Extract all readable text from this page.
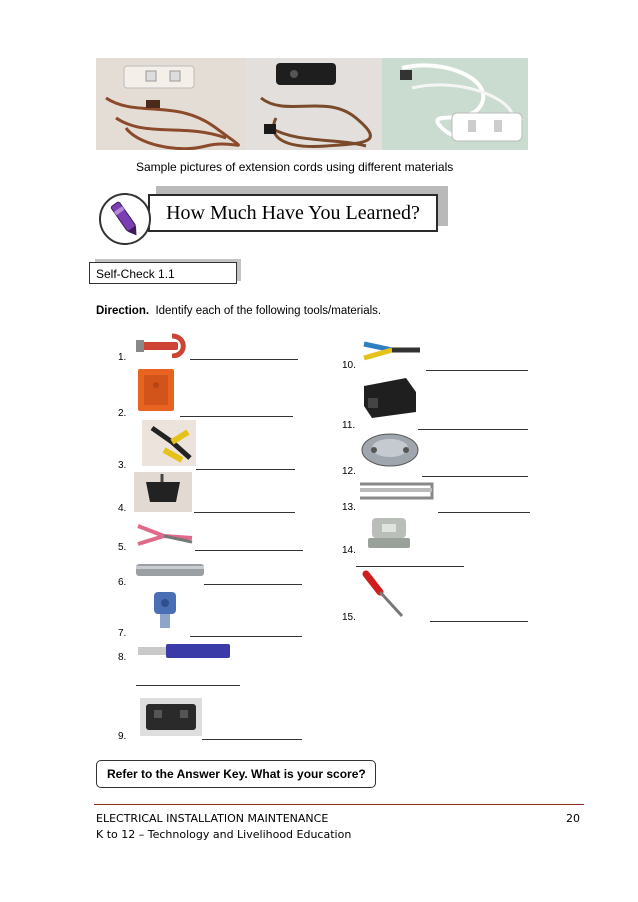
Sample pictures of extension cords using different materials
How Much Have You Learned?
Self-Check 1.1
Direction. Identify each of the following tools/materials.
1.
2.
3.
4.
5.
6.
7.
8.
9.
10.
11.
12.
13.
14.
15.
Refer to the Answer Key. What is your score?
ELECTRICAL INSTALLATION MAINTENANCE	20
K to 12 – Technology and Livelihood Education
